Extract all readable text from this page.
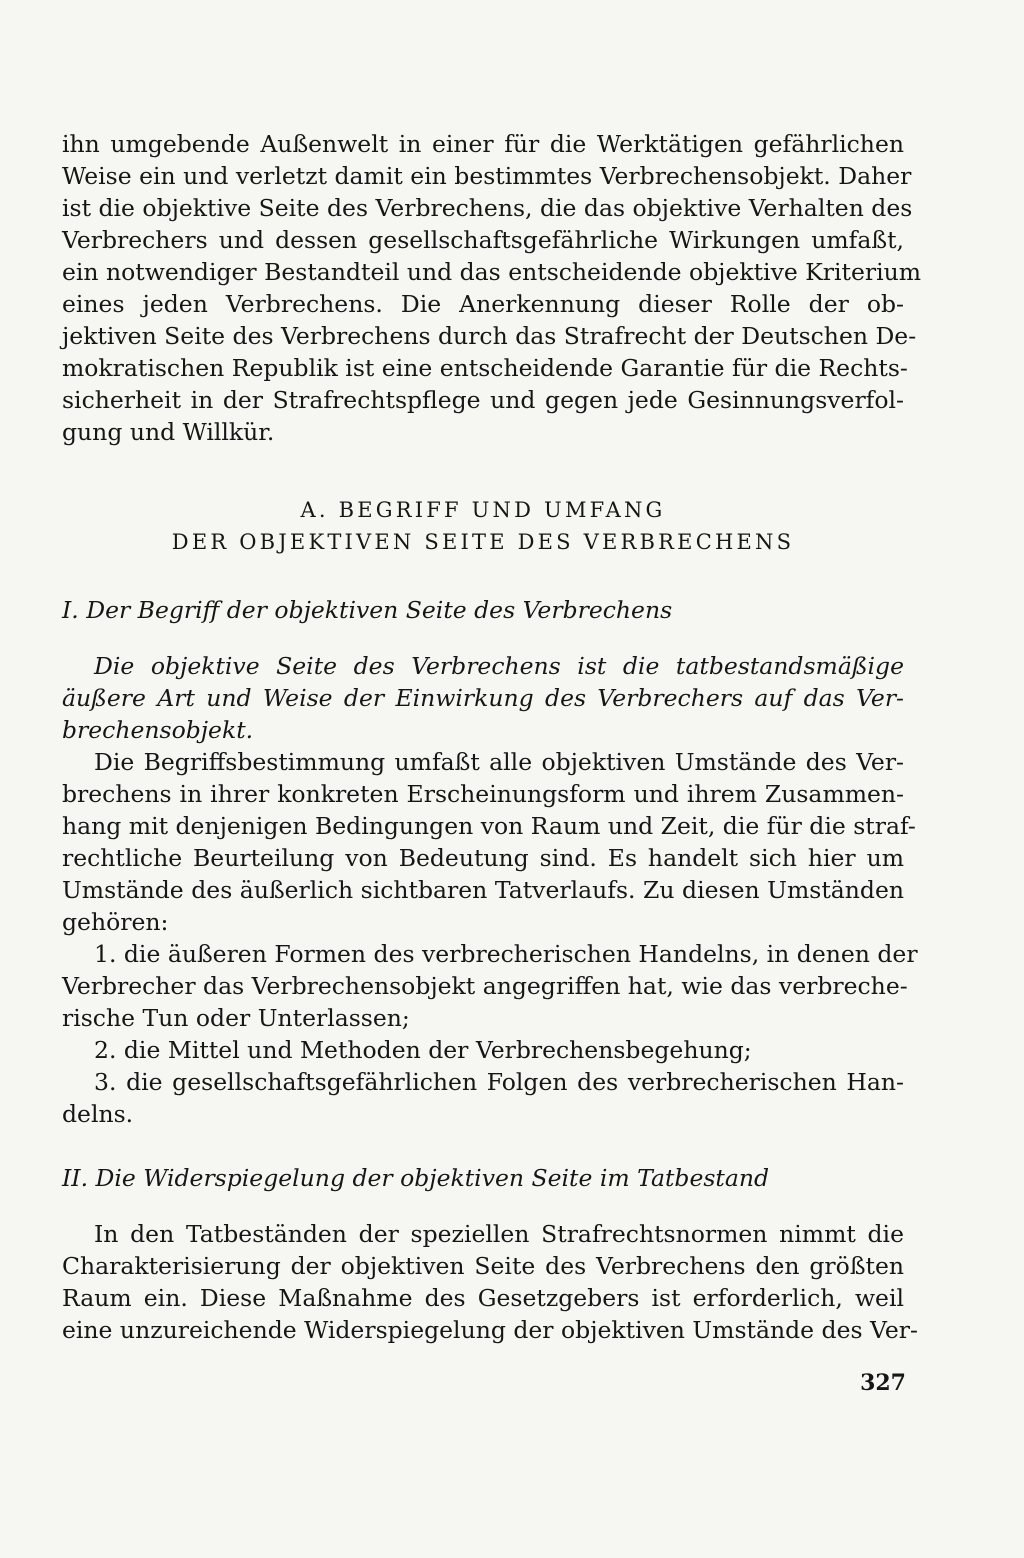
ihn umgebende Außenwelt in einer für die Werktätigen gefährlichen
Weise ein und verletzt damit ein bestimmtes Verbrechensobjekt. Daher
ist die objektive Seite des Verbrechens, die das objektive Verhalten des
Verbrechers und dessen gesellschaftsgefährliche Wirkungen umfaßt,
ein notwendiger Bestandteil und das entscheidende objektive Kriterium
eines jeden Verbrechens. Die Anerkennung dieser Rolle der ob-
jektiven Seite des Verbrechens durch das Strafrecht der Deutschen De-
mokratischen Republik ist eine entscheidende Garantie für die Rechts-
sicherheit in der Strafrechtspflege und gegen jede Gesinnungsverfol-
gung und Willkür.
A. BEGRIFF UND UMFANG
DER OBJEKTIVEN SEITE DES VERBRECHENS
I. Der Begriff der objektiven Seite des Verbrechens
Die objektive Seite des Verbrechens ist die tatbestandsmäßige
äußere Art und Weise der Einwirkung des Verbrechers auf das Ver-
brechensobjekt.
Die Begriffsbestimmung umfaßt alle objektiven Umstände des Ver-
brechens in ihrer konkreten Erscheinungsform und ihrem Zusammen-
hang mit denjenigen Bedingungen von Raum und Zeit, die für die straf-
rechtliche Beurteilung von Bedeutung sind. Es handelt sich hier um
Umstände des äußerlich sichtbaren Tatverlaufs. Zu diesen Umständen
gehören:
1. die äußeren Formen des verbrecherischen Handelns, in denen der
Verbrecher das Verbrechensobjekt angegriffen hat, wie das verbreche-
rische Tun oder Unterlassen;
2. die Mittel und Methoden der Verbrechensbegehung;
3. die gesellschaftsgefährlichen Folgen des verbrecherischen Han-
delns.
II. Die Widerspiegelung der objektiven Seite im Tatbestand
In den Tatbeständen der speziellen Strafrechtsnormen nimmt die
Charakterisierung der objektiven Seite des Verbrechens den größten
Raum ein. Diese Maßnahme des Gesetzgebers ist erforderlich, weil
eine unzureichende Widerspiegelung der objektiven Umstände des Ver-
327
